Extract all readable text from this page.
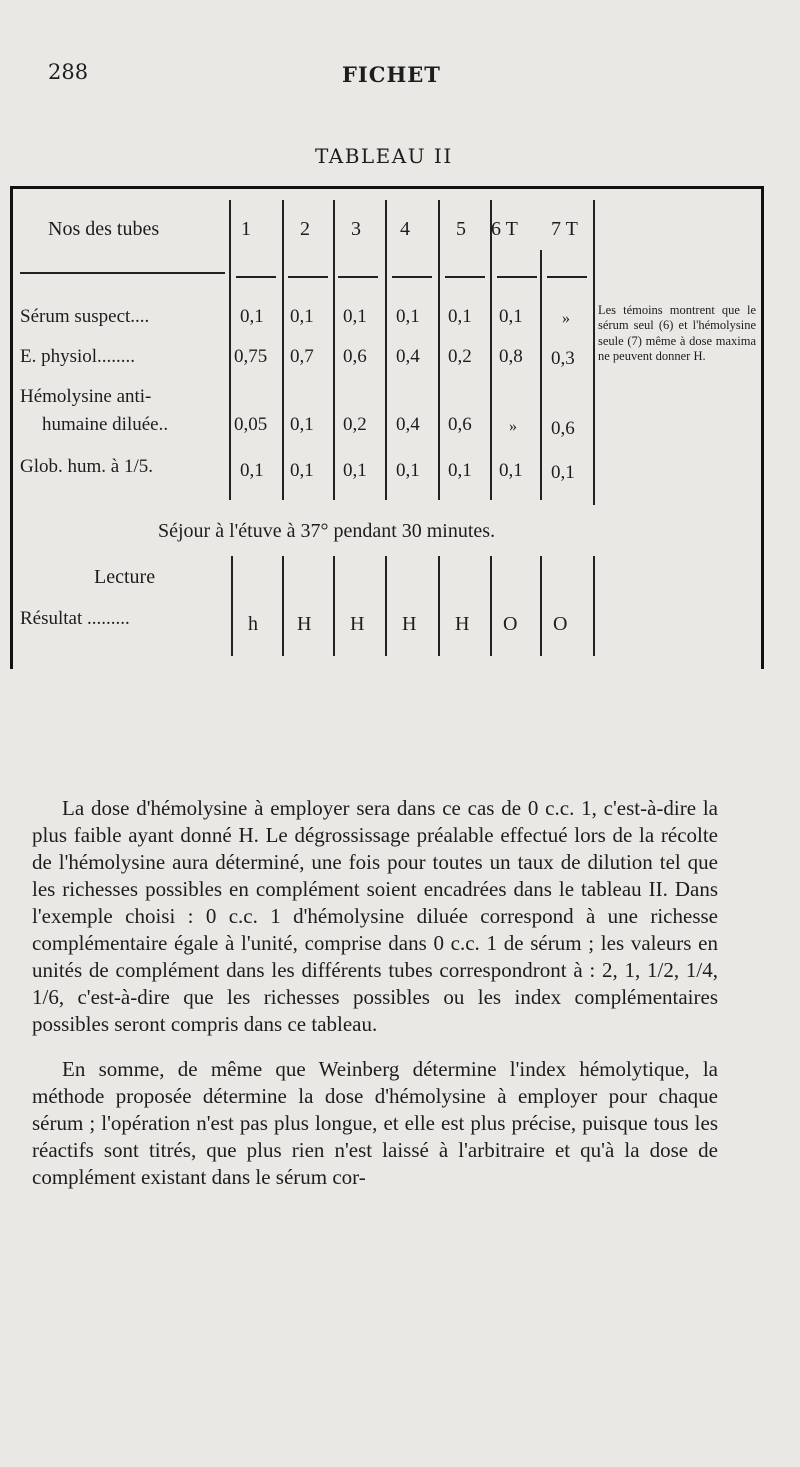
288	FICHET
TABLEAU II
Nos des tubes	1 2 3 4 5 6 T 7 T
Sérum suspect....	0,1 0,1 0,1 0,1 0,1 0,1 »
E. physiol........	0,75 0,7 0,6 0,4 0,2 0,8 0,3
Hémolysine anti-
humaine diluée..	0,05 0,1 0,2 0,4 0,6 » 0,6
Glob. hum. à 1/5.	0,1 0,1 0,1 0,1 0,1 0,1 0,1
Les témoins montrent que le sérum seul (6) et l'hémolysine seule (7) même à dose maxima ne peuvent donner H.
Séjour à l'étuve à 37° pendant 30 minutes.
Lecture
Résultat .........	h H H H H O O

La dose d'hémolysine à employer sera dans ce cas de 0 c.c. 1, c'est-à-dire la plus faible ayant donné H. Le dégrossissage préalable effectué lors de la récolte de l'hémolysine aura déterminé, une fois pour toutes un taux de dilution tel que les richesses possibles en complément soient encadrées dans le tableau II. Dans l'exemple choisi : 0 c.c. 1 d'hémolysine diluée correspond à une richesse complémentaire égale à l'unité, comprise dans 0 c.c. 1 de sérum ; les valeurs en unités de complément dans les différents tubes correspondront à : 2, 1, 1/2, 1/4, 1/6, c'est-à-dire que les richesses possibles ou les index complémentaires possibles seront compris dans ce tableau.

En somme, de même que Weinberg détermine l'index hémolytique, la méthode proposée détermine la dose d'hémolysine à employer pour chaque sérum ; l'opération n'est pas plus longue, et elle est plus précise, puisque tous les réactifs sont titrés, que plus rien n'est laissé à l'arbitraire et qu'à la dose de complément existant dans le sérum cor-
